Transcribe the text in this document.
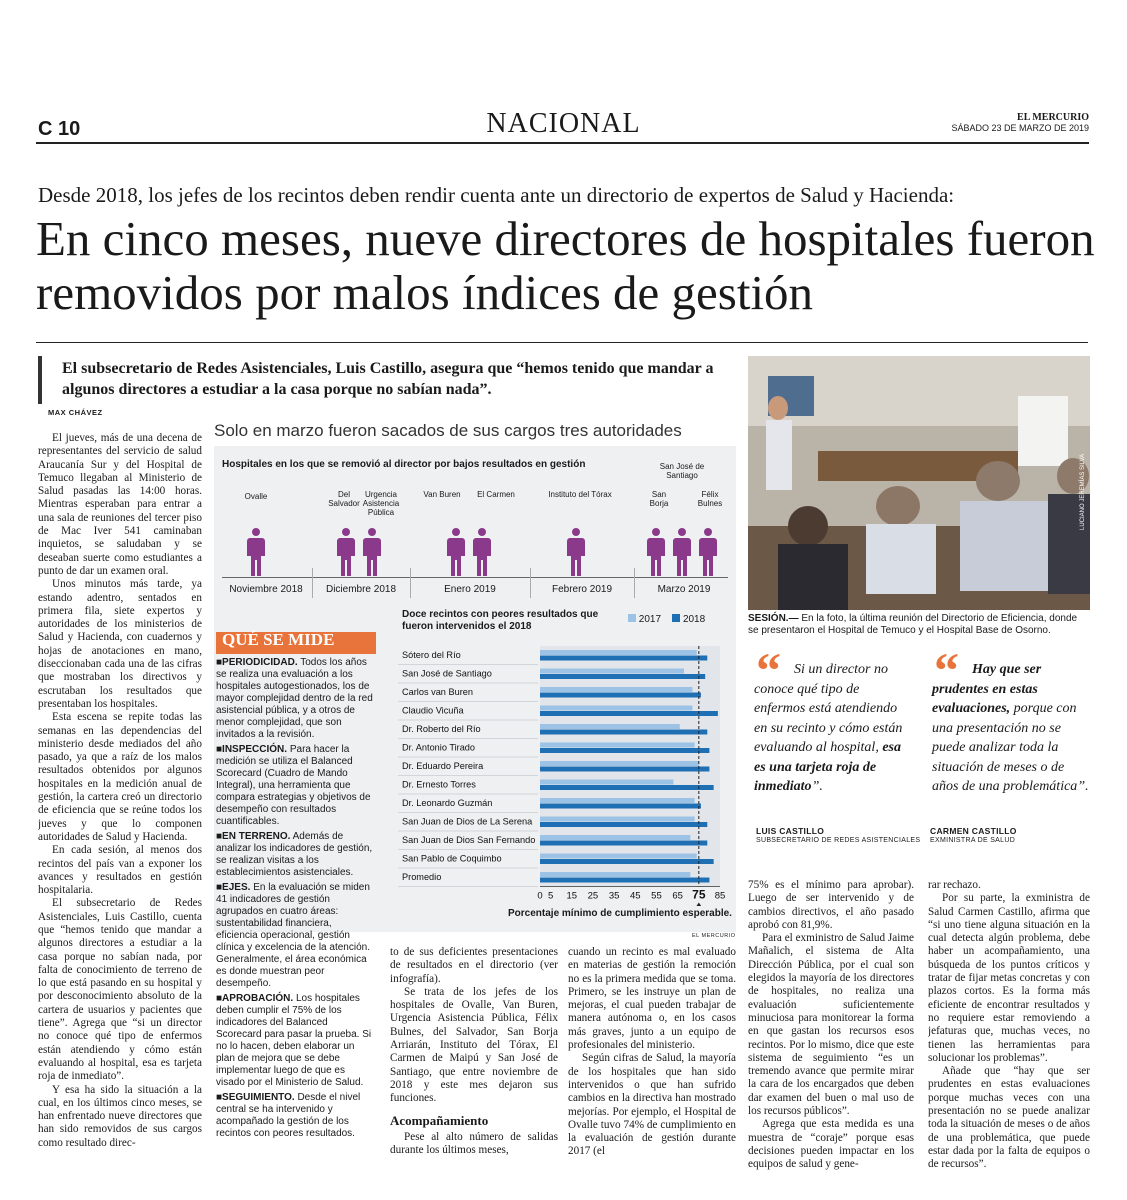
C 10	NACIONAL	EL MERCURIO
SÁBADO 23 DE MARZO DE 2019
Desde 2018, los jefes de los recintos deben rendir cuenta ante un directorio de expertos de Salud y Hacienda:
En cinco meses, nueve directores de hospitales fueron removidos por malos índices de gestión
El subsecretario de Redes Asistenciales, Luis Castillo, asegura que “hemos tenido que mandar a algunos directores a estudiar a la casa porque no sabían nada”.
MAX CHÁVEZ

El jueves, más de una decena de representantes del servicio de salud Araucanía Sur y del Hospital de Temuco llegaban al Ministerio de Salud pasadas las 14:00 horas. Mientras esperaban para entrar a una sala de reuniones del tercer piso de Mac Iver 541 caminaban inquietos, se saludaban y se deseaban suerte como estudiantes a punto de dar un examen oral.

Unos minutos más tarde, ya estando adentro, sentados en primera fila, siete expertos y autoridades de los ministerios de Salud y Hacienda, con cuadernos y hojas de anotaciones en mano, diseccionaban cada una de las cifras que mostraban los directivos y escrutaban los resultados que presentaban los hospitales.

Esta escena se repite todas las semanas en las dependencias del ministerio desde mediados del año pasado, ya que a raíz de los malos resultados obtenidos por algunos hospitales en la medición anual de gestión, la cartera creó un directorio de eficiencia que se reúne todos los jueves y que lo componen autoridades de Salud y Hacienda.

En cada sesión, al menos dos recintos del país van a exponer los avances y resultados en gestión hospitalaria.

El subsecretario de Redes Asistenciales, Luis Castillo, cuenta que “hemos tenido que mandar a algunos directores a estudiar a la casa porque no sabían nada, por falta de conocimiento de terreno de lo que está pasando en su hospital y por desconocimiento absoluto de la cartera de usuarios y pacientes que tiene”. Agrega que “si un director no conoce qué tipo de enfermos están atendiendo y cómo están evaluando al hospital, esa es tarjeta roja de inmediato”.

Y esa ha sido la situación a la cual, en los últimos cinco meses, se han enfrentado nueve directores que han sido removidos de sus cargos como resultado direc-

Solo en marzo fueron sacados de sus cargos tres autoridades
Hospitales en los que se removió al director por bajos resultados en gestión
Ovalle	Del Salvador
Urgencia Asistencia Pública
Van Buren	El Carmen	Instituto del Tórax	San Borja
San José de Santiago
Félix Bulnes
Noviembre 2018	Diciembre 2018	Enero 2019	Febrero 2019	Marzo 2019
QUÉ SE MIDE
■PERIODICIDAD. Todos los años se realiza una evaluación a los hospitales autogestionados, los de mayor complejidad dentro de la red asistencial pública, y a otros de menor complejidad, que son invitados a la revisión.
■INSPECCIÓN. Para hacer la medición se utiliza el Balanced Scorecard (Cuadro de Mando Integral), una herramienta que compara estrategias y objetivos de desempeño con resultados cuantificables.
■EN TERRENO. Además de analizar los indicadores de gestión, se realizan visitas a los establecimientos asistenciales.
■EJES. En la evaluación se miden 41 indicadores de gestión agrupados en cuatro áreas: sustentabilidad financiera, eficiencia operacional, gestión clínica y excelencia de la atención. Generalmente, el área económica es donde muestran peor desempeño.
■APROBACIÓN. Los hospitales deben cumplir el 75% de los indicadores del Balanced Scorecard para pasar la prueba. Si no lo hacen, deben elaborar un plan de mejora que se debe implementar luego de que es visado por el Ministerio de Salud.
■SEGUIMIENTO. Desde el nivel central se ha intervenido y acompañado la gestión de los recintos con peores resultados.
Doce recintos con peores resultados que fueron intervenidos el 2018
2017 2018
Sótero del Río
San José de Santiago
Carlos van Buren
Claudio Vicuña
Dr. Roberto del Río
Dr. Antonio Tirado
Dr. Eduardo Pereira
Dr. Ernesto Torres
Dr. Leonardo Guzmán
San Juan de Dios de La Serena
San Juan de Dios San Fernando
San Pablo de Coquimbo
Promedio
0 5 15 25 35 45 55 65 75 85
Porcentaje mínimo de cumplimiento esperable.
EL MERCURIO

to de sus deficientes presentaciones de resultados en el directorio (ver infografía).

Se trata de los jefes de los hospitales de Ovalle, Van Buren, Urgencia Asistencia Pública, Félix Bulnes, del Salvador, San Borja Arriarán, Instituto del Tórax, El Carmen de Maipú y San José de Santiago, que entre noviembre de 2018 y este mes dejaron sus funciones.

Acompañamiento

Pese al alto número de salidas durante los últimos meses,

cuando un recinto es mal evaluado en materias de gestión la remoción no es la primera medida que se toma. Primero, se les instruye un plan de mejoras, el cual pueden trabajar de manera autónoma o, en los casos más graves, junto a un equipo de profesionales del ministerio.

Según cifras de Salud, la mayoría de los hospitales que han sido intervenidos o que han sufrido cambios en la directiva han mostrado mejorías. Por ejemplo, el Hospital de Ovalle tuvo 74% de cumplimiento en la evaluación de gestión durante 2017 (el

LUCIANO JEREMÍAS SILVA
SESIÓN.— En la foto, la última reunión del Directorio de Eficiencia, donde se presentaron el Hospital de Temuco y el Hospital Base de Osorno.
“ Si un director no conoce qué tipo de enfermos está atendiendo en su recinto y cómo están evaluando al hospital, esa es una tarjeta roja de inmediato”.
LUIS CASTILLO
SUBSECRETARIO DE REDES ASISTENCIALES
“ Hay que ser prudentes en estas evaluaciones, porque con una presentación no se puede analizar toda la situación de meses o de años de una problemática”.
CARMEN CASTILLO
EXMINISTRA DE SALUD

75% es el mínimo para aprobar). Luego de ser intervenido y de cambios directivos, el año pasado aprobó con 81,9%.

Para el exministro de Salud Jaime Mañalich, el sistema de Alta Dirección Pública, por el cual son elegidos la mayoría de los directores de hospitales, no realiza una evaluación suficientemente minuciosa para monitorear la forma en que gastan los recursos esos recintos. Por lo mismo, dice que este sistema de seguimiento “es un tremendo avance que permite mirar la cara de los encargados que deben dar examen del buen o mal uso de los recursos públicos”.

Agrega que esta medida es una muestra de “coraje” porque esas decisiones pueden impactar en los equipos de salud y gene-

rar rechazo.

Por su parte, la exministra de Salud Carmen Castillo, afirma que “si uno tiene alguna situación en la cual detecta algún problema, debe haber un acompañamiento, una búsqueda de los puntos críticos y tratar de fijar metas concretas y con plazos cortos. Es la forma más eficiente de encontrar resultados y no requiere estar removiendo a jefaturas que, muchas veces, no tienen las herramientas para solucionar los problemas”.

Añade que “hay que ser prudentes en estas evaluaciones porque muchas veces con una presentación no se puede analizar toda la situación de meses o de años de una problemática, que puede estar dada por la falta de equipos o de recursos”.
